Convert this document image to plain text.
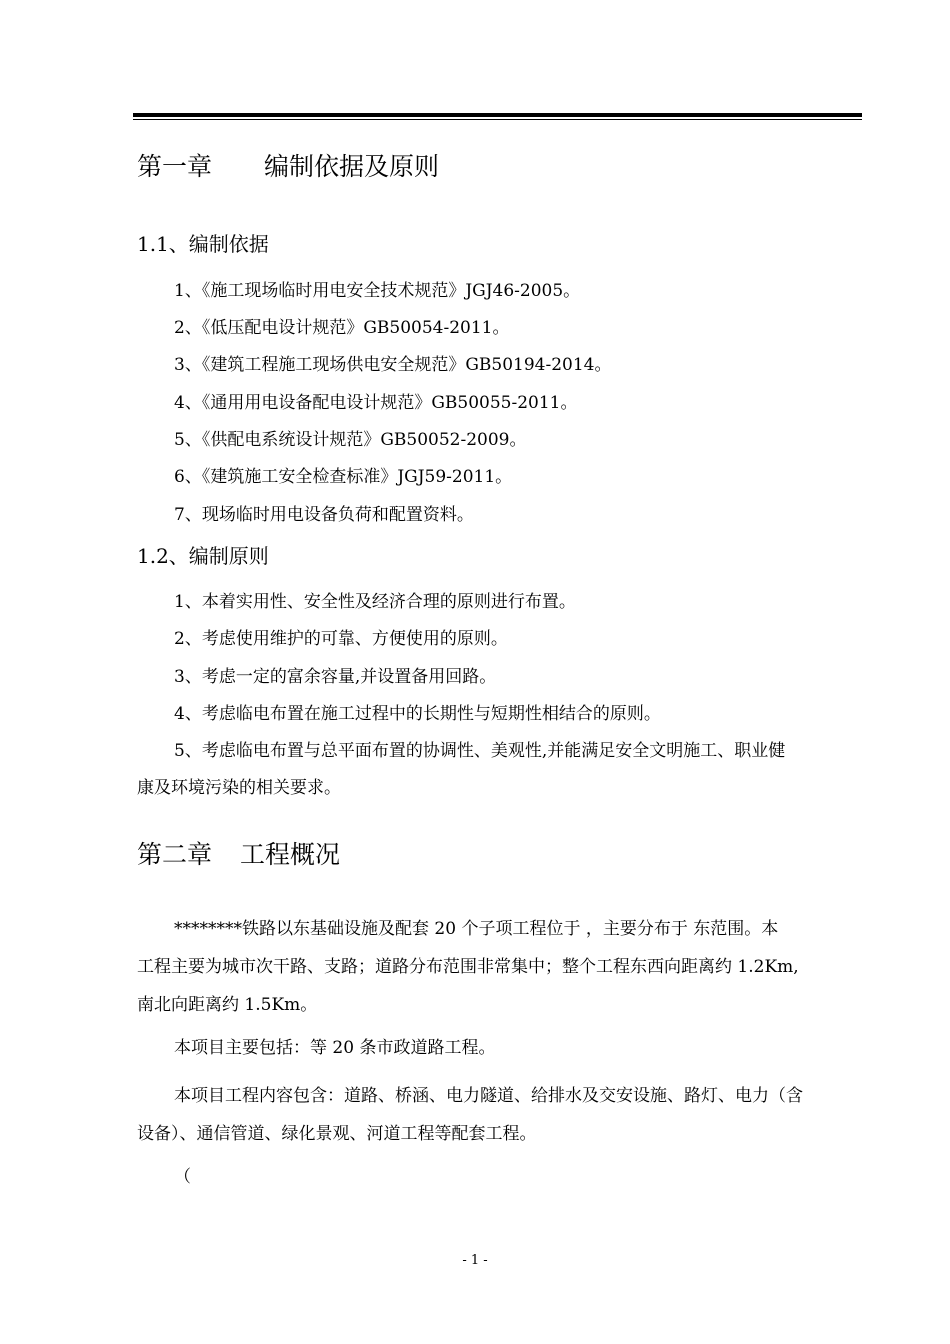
第一章 编制依据及原则
1.1、编制依据
1、《施工现场临时用电安全技术规范》JGJ46-2005。
2、《低压配电设计规范》GB50054-2011。
3、《建筑工程施工现场供电安全规范》GB50194-2014。
4、《通用用电设备配电设计规范》GB50055-2011。
5、《供配电系统设计规范》GB50052-2009。
6、《建筑施工安全检查标准》JGJ59-2011。
7、现场临时用电设备负荷和配置资料。
1.2、编制原则
1、本着实用性、安全性及经济合理的原则进行布置。
2、考虑使用维护的可靠、方便使用的原则。
3、考虑一定的富余容量,并设置备用回路。
4、考虑临电布置在施工过程中的长期性与短期性相结合的原则。
5、考虑临电布置与总平面布置的协调性、美观性,并能满足安全文明施工、职业健
康及环境污染的相关要求。
第二章 工程概况
********铁路以东基础设施及配套 20 个子项工程位于 ，主要分布于 东范围。本
工程主要为城市次干路、支路；道路分布范围非常集中；整个工程东西向距离约 1.2Km,
南北向距离约 1.5Km。
本项目主要包括：等 20 条市政道路工程。
本项目工程内容包含：道路、桥涵、电力隧道、给排水及交安设施、路灯、电力（含
设备）、通信管道、绿化景观、河道工程等配套工程。
（
- 1 -
